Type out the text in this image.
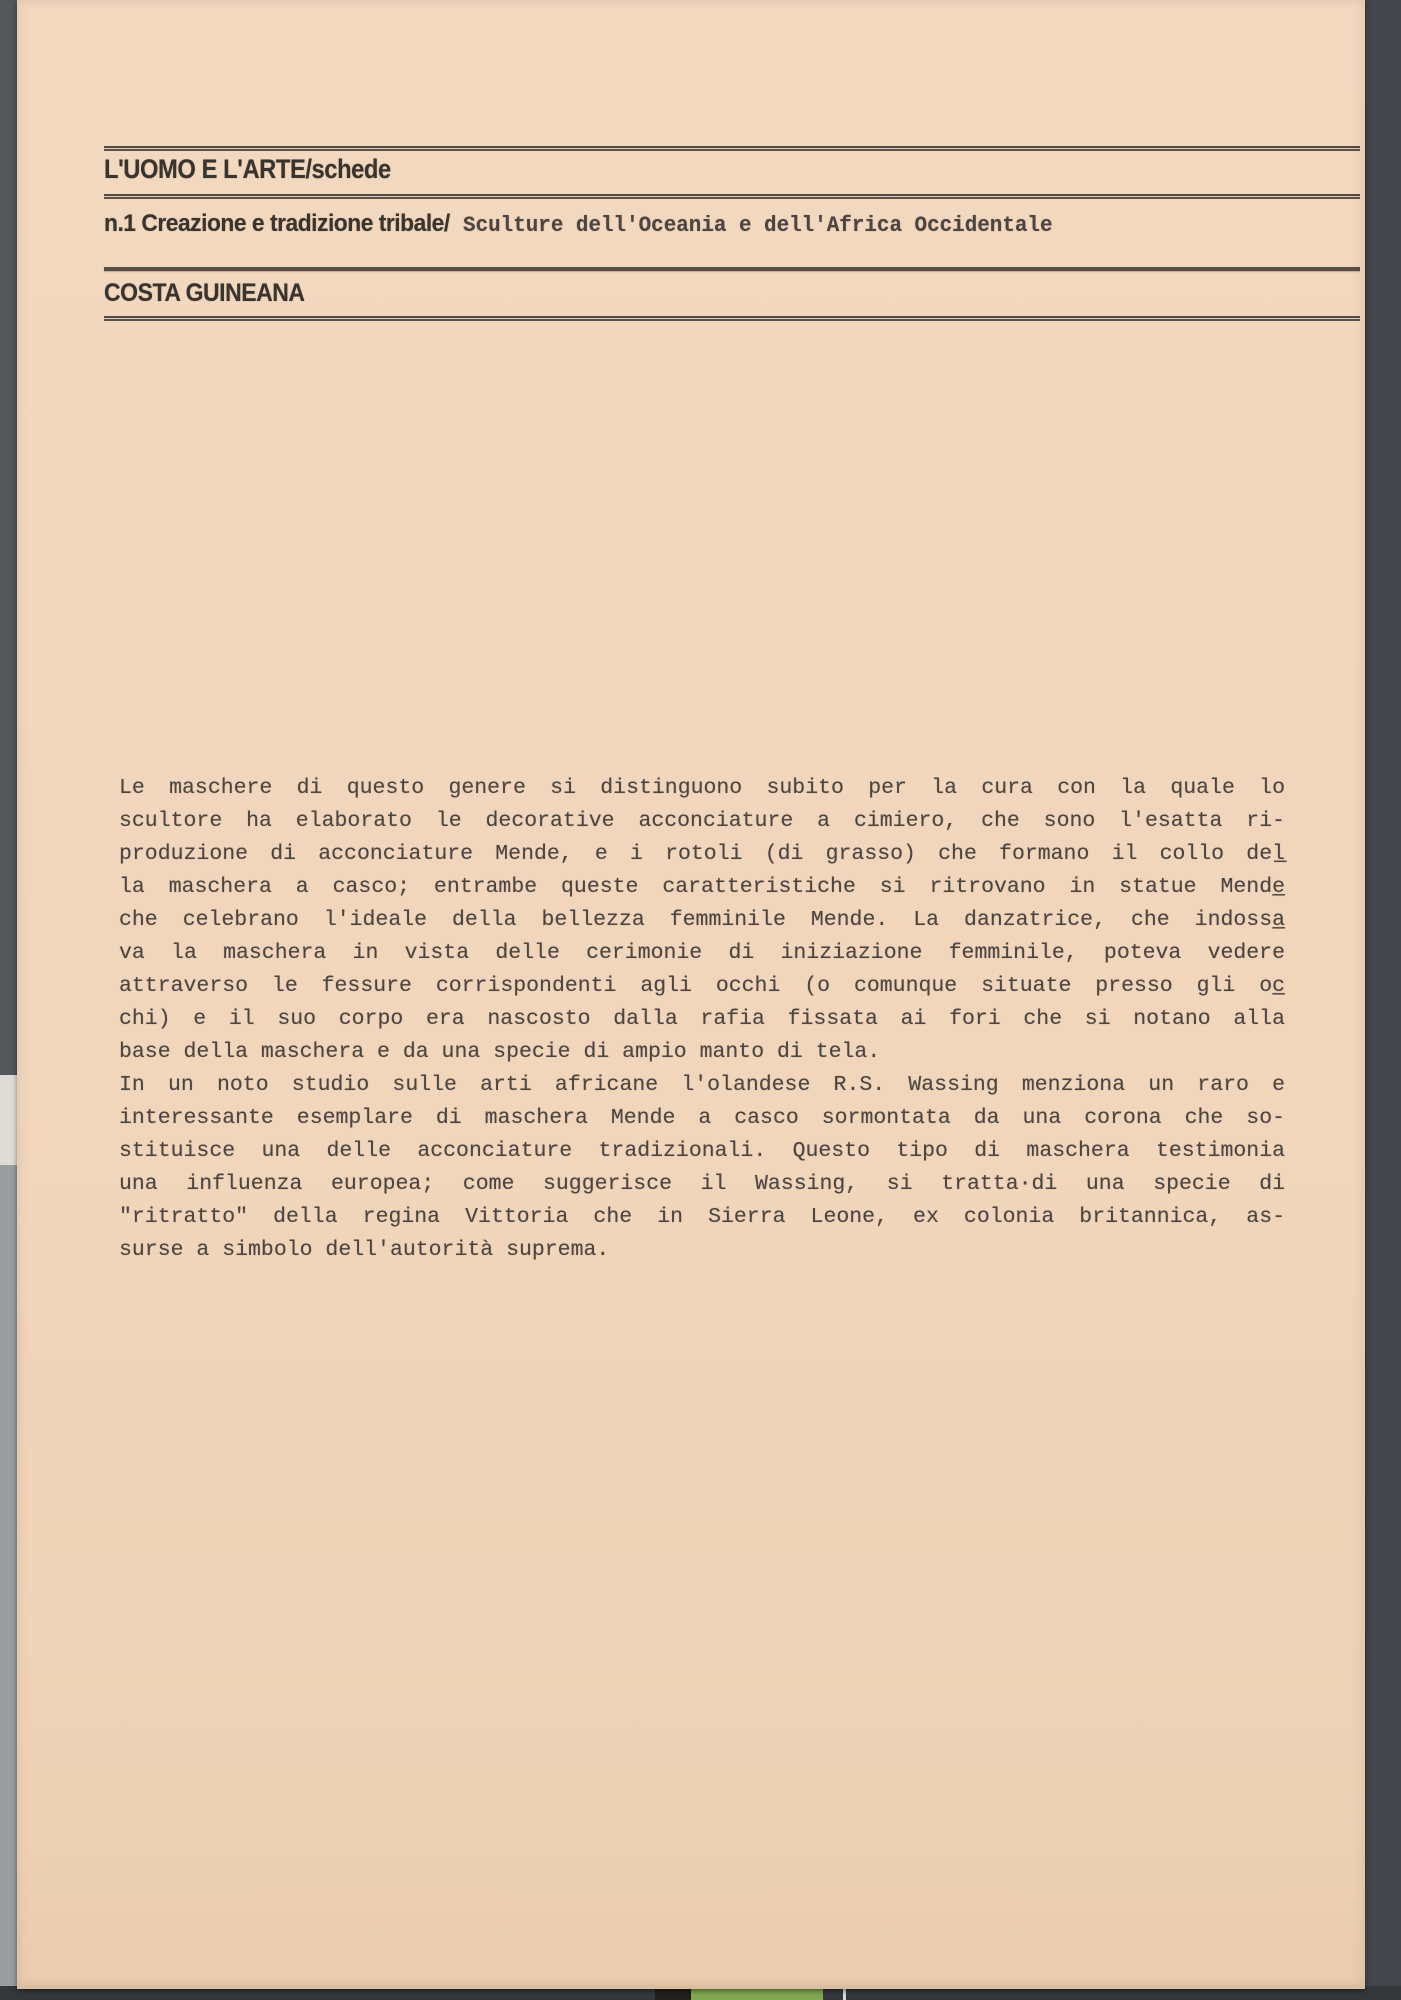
L'UOMO E L'ARTE/schede
n.1 Creazione e tradizione tribale/ Sculture dell'Oceania e dell'Africa Occidentale
COSTA GUINEANA
Le maschere di questo genere si distinguono subito per la cura con la quale lo
scultore ha elaborato le decorative acconciature a cimiero, che sono l'esatta ri-
produzione di acconciature Mende, e i rotoli (di grasso) che formano il collo del̲
la maschera a casco; entrambe queste caratteristiche si ritrovano in statue Mende̲
che celebrano l'ideale della bellezza femminile Mende. La danzatrice, che indossa̲
va la maschera in vista delle cerimonie di iniziazione femminile, poteva vedere
attraverso le fessure corrispondenti agli occhi (o comunque situate presso gli oc̲
chi) e il suo corpo era nascosto dalla rafia fissata ai fori che si notano alla
base della maschera e da una specie di ampio manto di tela.
In un noto studio sulle arti africane l'olandese R.S. Wassing menziona un raro e
interessante esemplare di maschera Mende a casco sormontata da una corona che so-
stituisce una delle acconciature tradizionali. Questo tipo di maschera testimonia
una influenza europea; come suggerisce il Wassing, si tratta·di una specie di
"ritratto" della regina Vittoria che in Sierra Leone, ex colonia britannica, as-
surse a simbolo dell'autorità suprema.
